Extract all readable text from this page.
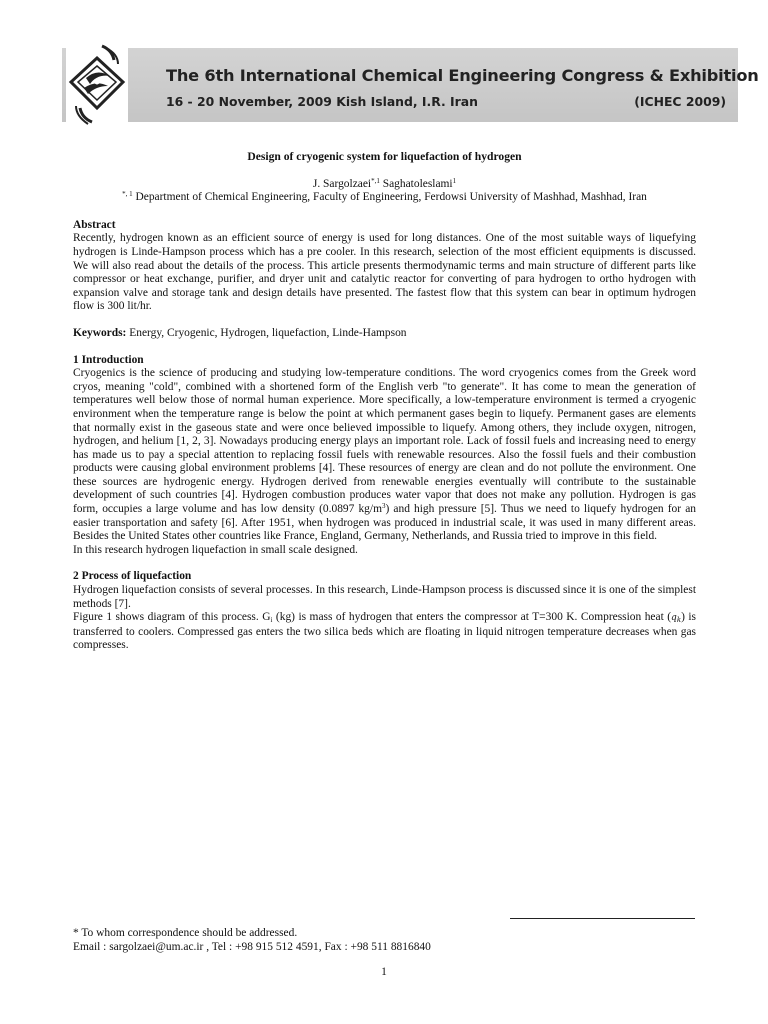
The 6th International Chemical Engineering Congress & Exhibition
16 - 20 November, 2009 Kish Island, I.R. Iran	(ICHEC 2009)

Design of cryogenic system for liquefaction of hydrogen

J. Sargolzaei$^{*,1}$ Saghatoleslami$^1$

$^{*, 1}$ Department of Chemical Engineering, Faculty of Engineering, Ferdowsi University of Mashhad, Mashhad, Iran

Abstract

Recently, hydrogen known as an efficient source of energy is used for long distances. One of the most suitable ways of liquefying hydrogen is Linde-Hampson process which has a pre cooler. In this research, selection of the most efficient equipments is discussed. We will also read about the details of the process. This article presents thermodynamic terms and main structure of different parts like compressor or heat exchange, purifier, and dryer unit and catalytic reactor for converting of para hydrogen to ortho hydrogen with expansion valve and storage tank and design details have presented. The fastest flow that this system can bear in optimum hydrogen flow is 300 lit/hr.

Keywords: Energy, Cryogenic, Hydrogen, liquefaction, Linde-Hampson

1 Introduction

Cryogenics is the science of producing and studying low-temperature conditions. The word cryogenics comes from the Greek word cryos, meaning "cold", combined with a shortened form of the English verb "to generate". It has come to mean the generation of temperatures well below those of normal human experience. More specifically, a low-temperature environment is termed a cryogenic environment when the temperature range is below the point at which permanent gases begin to liquefy. Permanent gases are elements that normally exist in the gaseous state and were once believed impossible to liquefy. Among others, they include oxygen, nitrogen, hydrogen, and helium [1, 2, 3]. Nowadays producing energy plays an important role. Lack of fossil fuels and increasing need to energy has made us to pay a special attention to replacing fossil fuels with renewable resources. Also the fossil fuels and their combustion products were causing global environment problems [4]. These resources of energy are clean and do not pollute the environment. One these sources are hydrogenic energy. Hydrogen derived from renewable energies eventually will contribute to the sustainable development of such countries [4]. Hydrogen combustion produces water vapor that does not make any pollution. Hydrogen is gas form, occupies a large volume and has low density (0.0897 $kg/m^3$) and high pressure [5]. Thus we need to liquefy hydrogen for an easier transportation and safety [6]. After 1951, when hydrogen was produced in industrial scale, it was used in many different areas. Besides the United States other countries like France, England, Germany, Netherlands, and Russia tried to improve in this field.

In this research hydrogen liquefaction in small scale designed.

2 Process of liquefaction

Hydrogen liquefaction consists of several processes. In this research, Linde-Hampson process is discussed since it is one of the simplest methods [7].

Figure 1 shows diagram of this process. $G_i$ (kg) is mass of hydrogen that enters the compressor at T=300 K. Compression heat $(q_k)$ is transferred to coolers. Compressed gas enters the two silica beds which are floating in liquid nitrogen temperature decreases when gas compresses.

* To whom correspondence should be addressed.
Email : sargolzaei@um.ac.ir , Tel : +98 915 512 4591, Fax : +98 511 8816840
1
